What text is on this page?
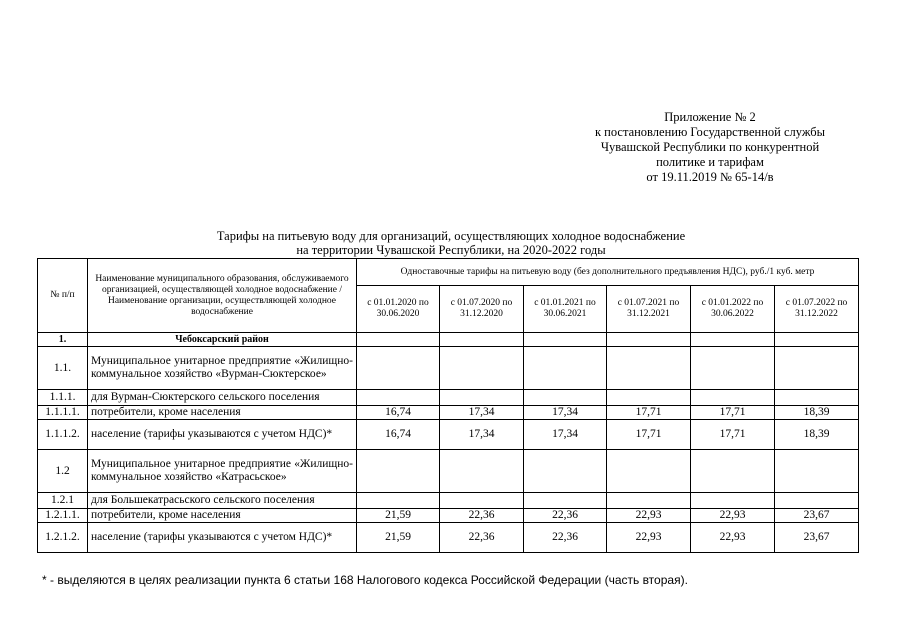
Приложение № 2
к постановлению Государственной службы
Чувашской Республики по конкурентной
политике и тарифам
от 19.11.2019 № 65-14/в
Тарифы на питьевую воду для организаций, осуществляющих холодное водоснабжение
на территории Чувашской Республики, на 2020-2022 годы
№ п/п	Наименование муниципального образования, обслуживаемого организацией, осуществляющей холодное водоснабжение / Наименование организации, осуществляющей холодное водоснабжение	Одноставочные тарифы на питьевую воду (без дополнительного предъявления НДС), руб./1 куб. метр					
		с 01.01.2020 по 30.06.2020	с 01.07.2020 по 31.12.2020	с 01.01.2021 по 30.06.2021	с 01.07.2021 по 31.12.2021	с 01.01.2022 по 30.06.2022	с 01.07.2022 по 31.12.2022
1.	Чебоксарский район						
1.1.	Муниципальное унитарное предприятие «Жилищно-коммунальное хозяйство «Вурман-Сюктерское»						
1.1.1.	для Вурман-Сюктерского сельского поселения						
1.1.1.1.	потребители, кроме населения	16,74	17,34	17,34	17,71	17,71	18,39
1.1.1.2.	население (тарифы указываются с учетом НДС)*	16,74	17,34	17,34	17,71	17,71	18,39
1.2	Муниципальное унитарное предприятие «Жилищно-коммунальное хозяйство «Катрасьское»						
1.2.1	для Большекатрасьского сельского поселения						
1.2.1.1.	потребители, кроме населения	21,59	22,36	22,36	22,93	22,93	23,67
1.2.1.2.	население (тарифы указываются с учетом НДС)*	21,59	22,36	22,36	22,93	22,93	23,67
* - выделяются в целях реализации пункта 6 статьи 168 Налогового кодекса Российской Федерации (часть вторая).
